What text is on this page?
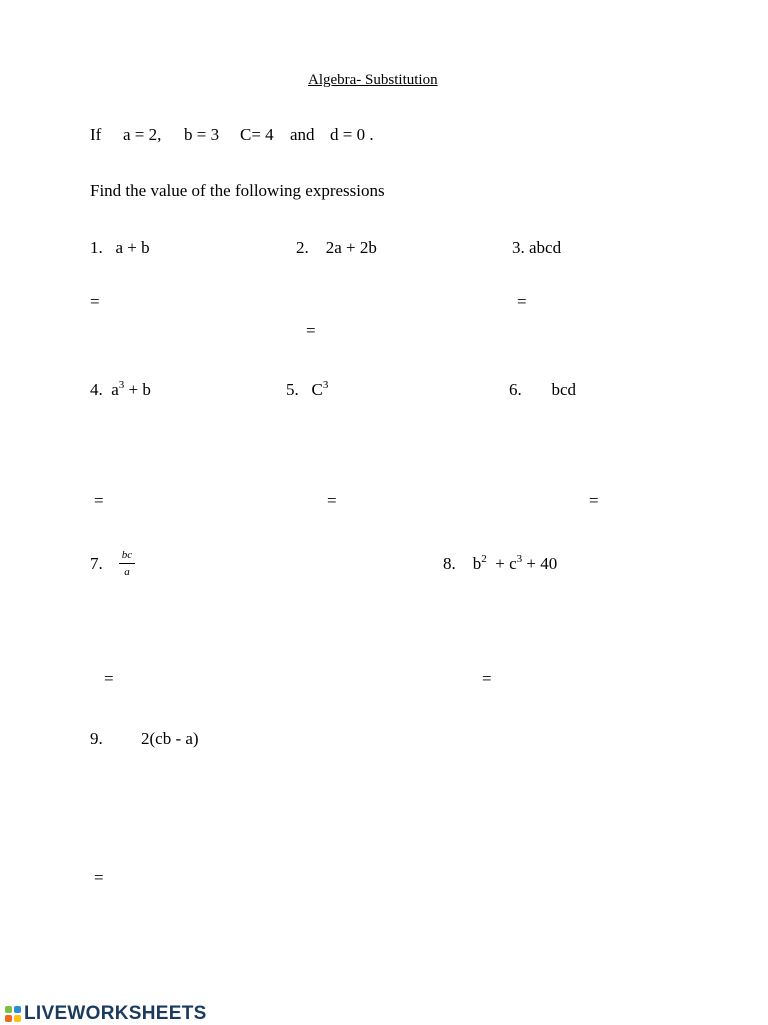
Algebra- Substitution
If a = 2, b = 3 C= 4 and d = 0 .
Find the value of the following expressions
1. a + b	2. 2a + 2b	3. abcd
=
=
=
4. $a^3 + b$	5. $C^3$	6. bcd
=	=	=
7. bc
a	8. $b^2 + c^3 + 40$
=	=
9. 2(cb - a)
=
LIVEWORKSHEETS
